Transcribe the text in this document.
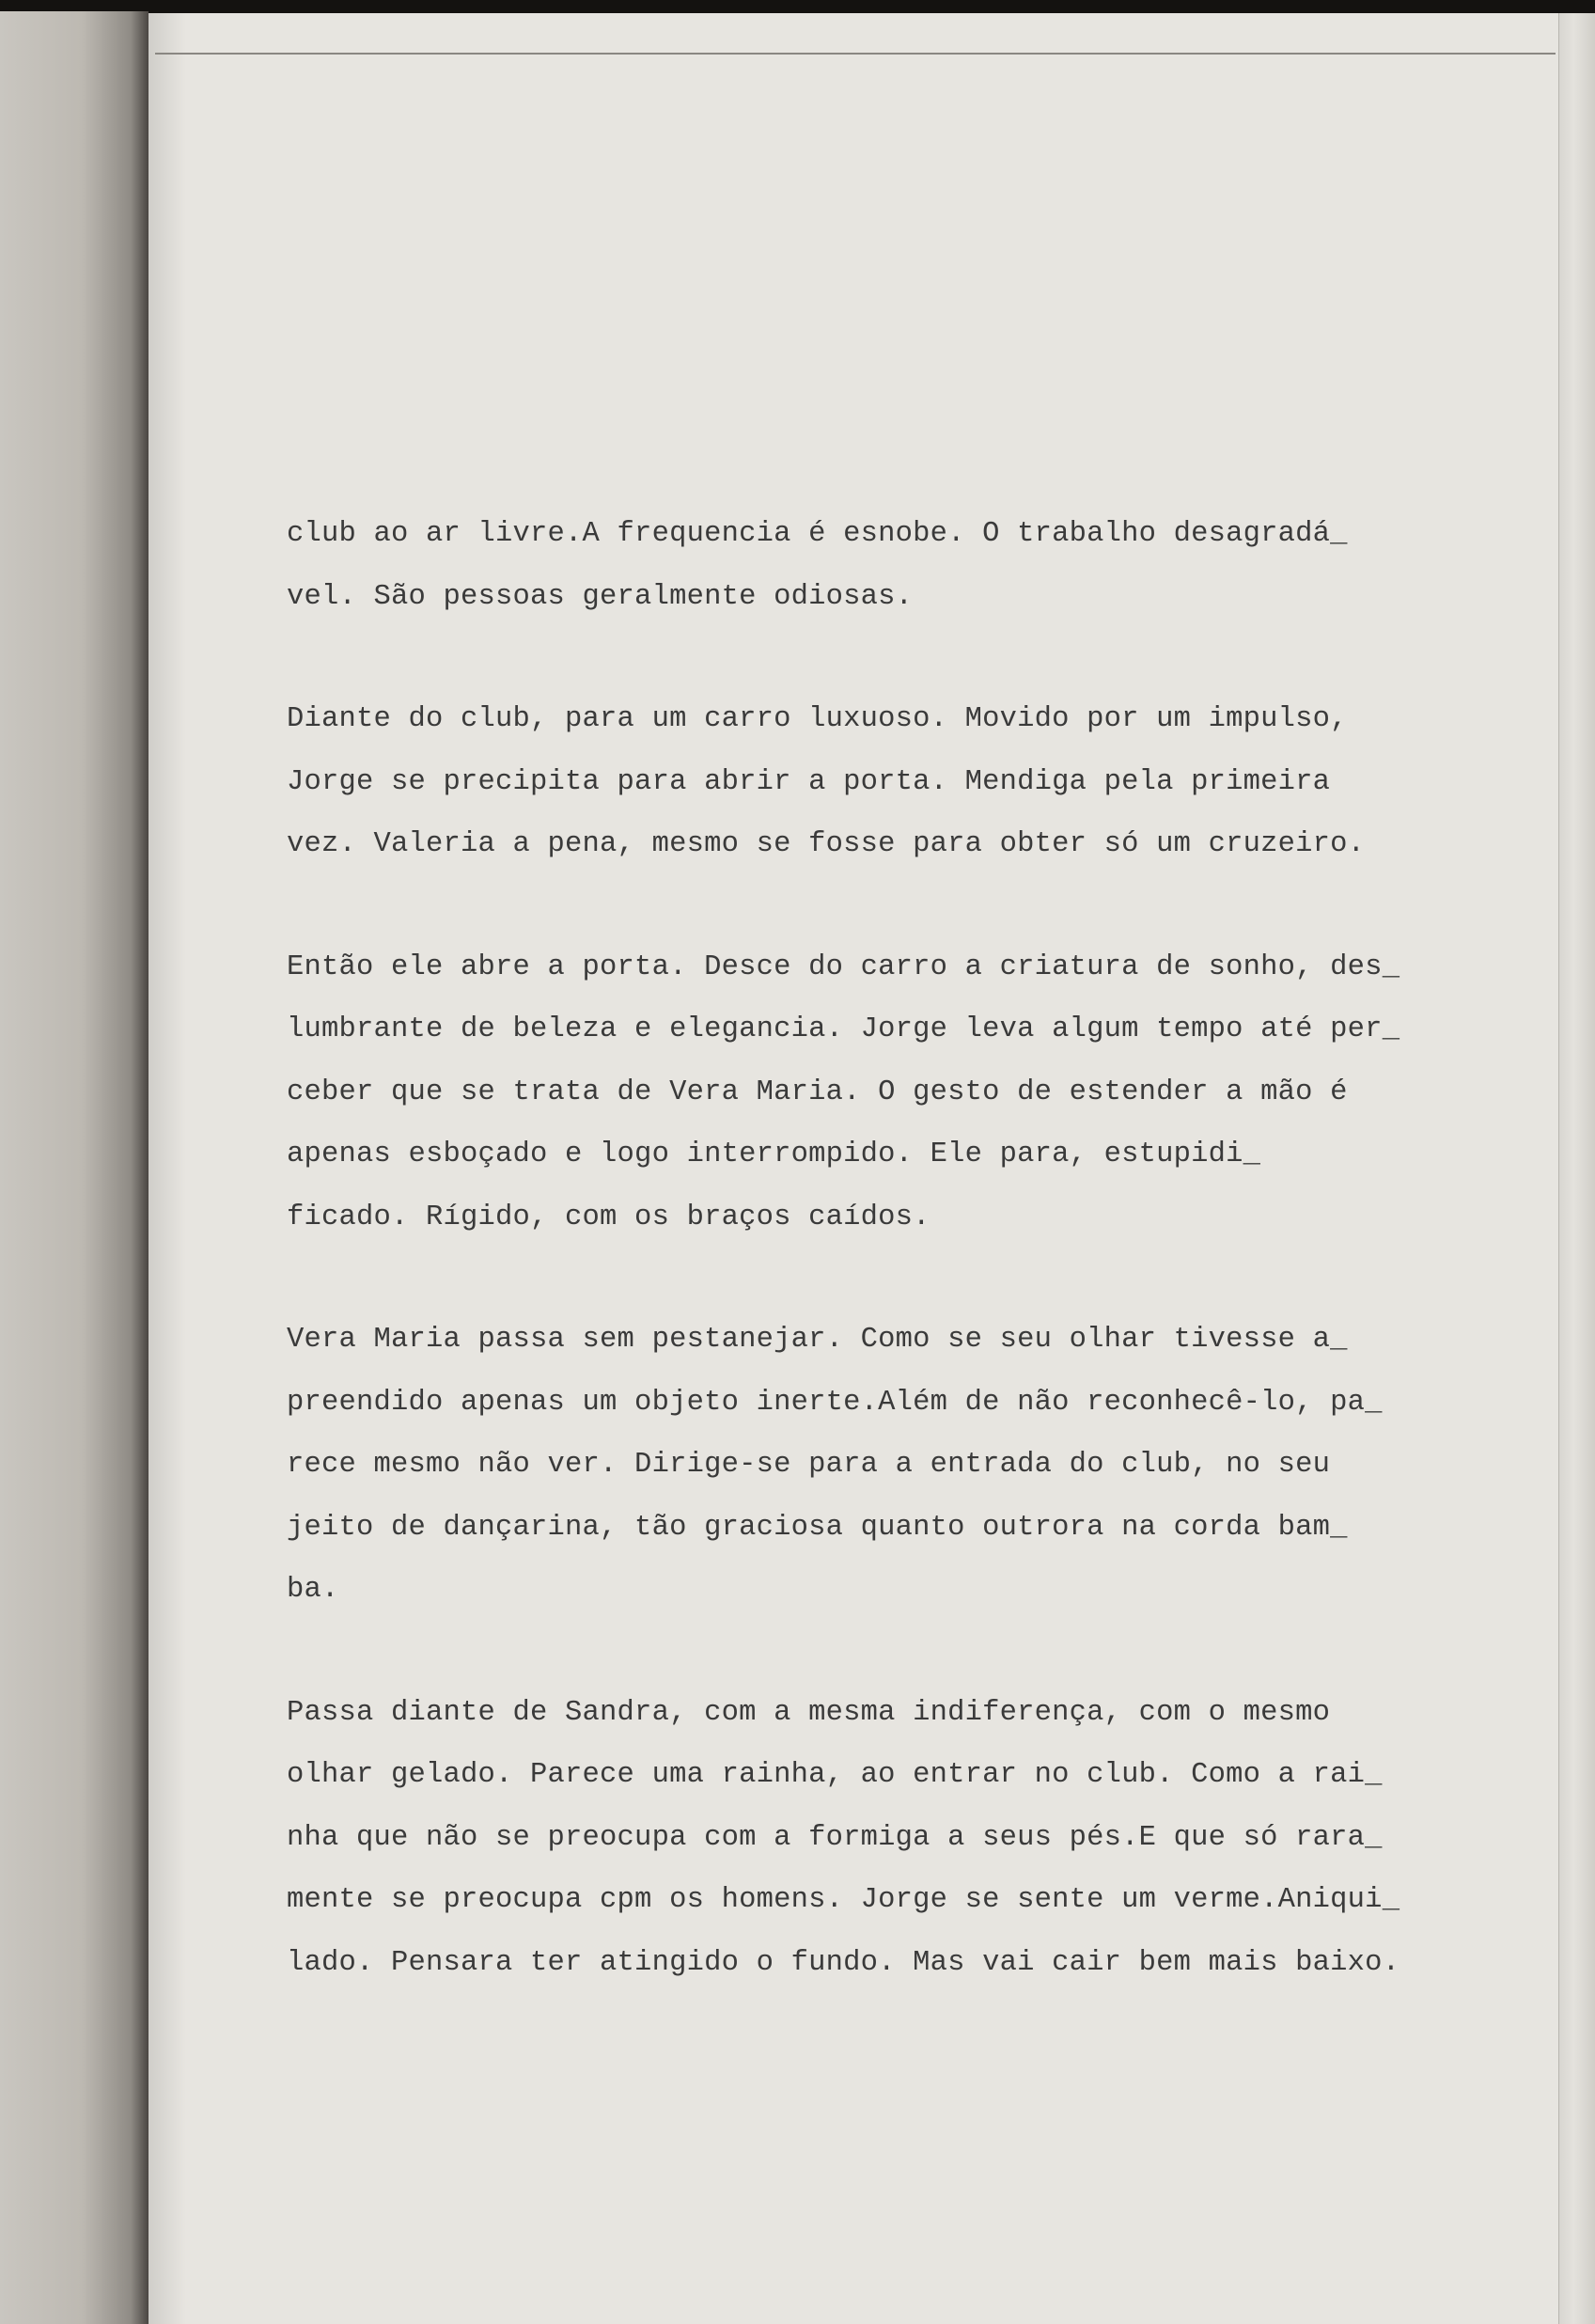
club ao ar livre.A frequencia é esnobe. O trabalho desagradá_
vel. São pessoas geralmente odiosas.
Diante do club, para um carro luxuoso. Movido por um impulso,
Jorge se precipita para abrir a porta. Mendiga pela primeira
vez. Valeria a pena, mesmo se fosse para obter só um cruzeiro.
Então ele abre a porta. Desce do carro a criatura de sonho, des_
lumbrante de beleza e elegancia. Jorge leva algum tempo até per_
ceber que se trata de Vera Maria. O gesto de estender a mão é
apenas esboçado e logo interrompido. Ele para, estupidi_
ficado. Rígido, com os braços caídos.
Vera Maria passa sem pestanejar. Como se seu olhar tivesse a_
preendido apenas um objeto inerte.Além de não reconhecê-lo, pa_
rece mesmo não ver. Dirige-se para a entrada do club, no seu
jeito de dançarina, tão graciosa quanto outrora na corda bam_
ba.
Passa diante de Sandra, com a mesma indiferença, com o mesmo
olhar gelado. Parece uma rainha, ao entrar no club. Como a rai_
nha que não se preocupa com a formiga a seus pés.E que só rara_
mente se preocupa cpm os homens. Jorge se sente um verme.Aniqui_
lado. Pensara ter atingido o fundo. Mas vai cair bem mais baixo.
